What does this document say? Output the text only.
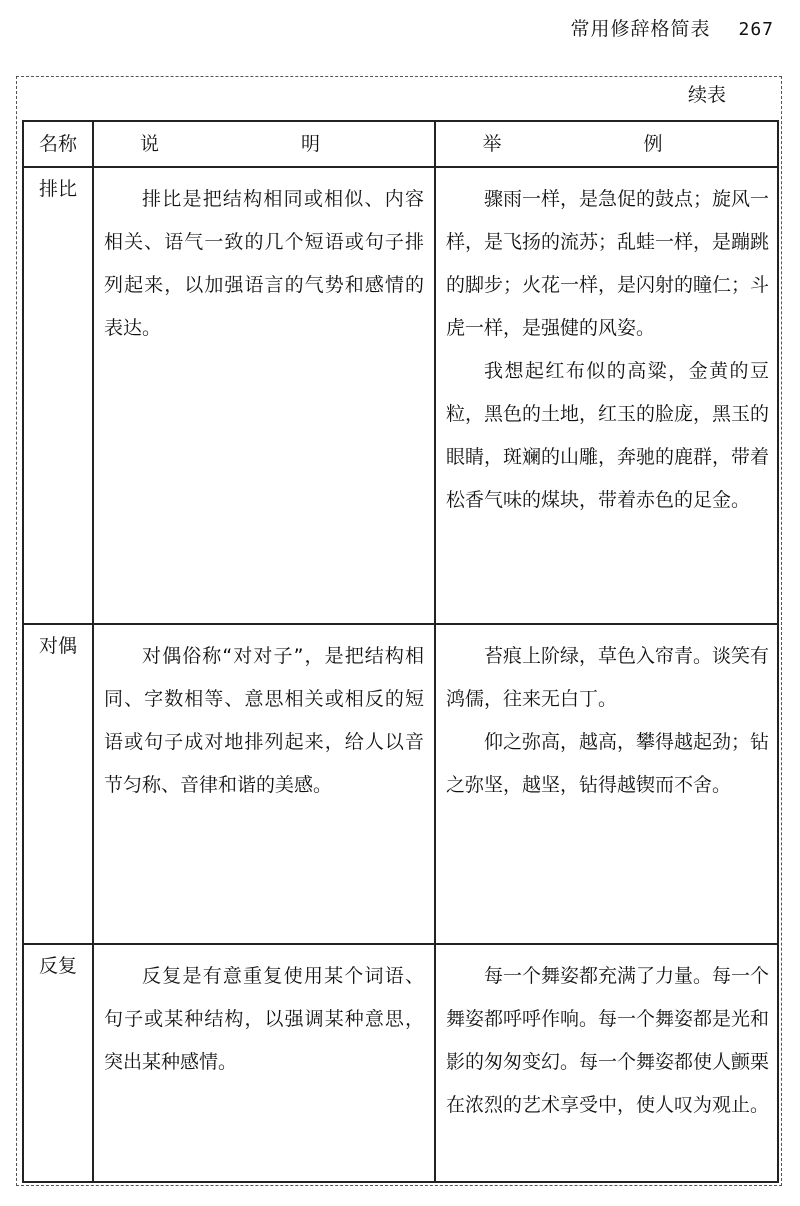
常用修辞格简表 267
续表
名称	说 明	举 例
排比	排比是把结构相同或相似、内容相关、语气一致的几个短语或句子排列起来，以加强语言的气势和感情的表达。	骤雨一样，是急促的鼓点；旋风一样，是飞扬的流苏；乱蛙一样，是蹦跳的脚步；火花一样，是闪射的瞳仁；斗虎一样，是强健的风姿。

我想起红布似的高粱，金黄的豆粒，黑色的土地，红玉的脸庞，黑玉的眼睛，斑斓的山雕，奔驰的鹿群，带着松香气味的煤块，带着赤色的足金。

对偶	对偶俗称“对对子”，是把结构相同、字数相等、意思相关或相反的短语或句子成对地排列起来，给人以音节匀称、音律和谐的美感。	苔痕上阶绿，草色入帘青。谈笑有鸿儒，往来无白丁。

仰之弥高，越高，攀得越起劲；钻之弥坚，越坚，钻得越锲而不舍。

反复	反复是有意重复使用某个词语、句子或某种结构，以强调某种意思，突出某种感情。	每一个舞姿都充满了力量。每一个舞姿都呼呼作响。每一个舞姿都是光和影的匆匆变幻。每一个舞姿都使人颤栗在浓烈的艺术享受中，使人叹为观止。
